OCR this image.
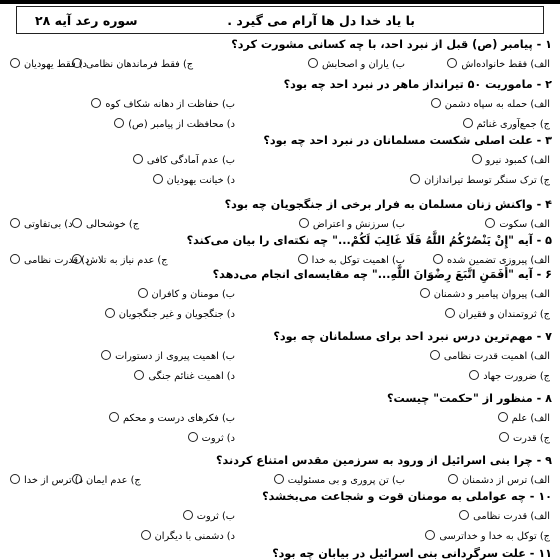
با یاد خدا دل ها آرام می گیرد .
سوره رعد آیه ۲۸
۱ - پیامبر (ص) قبل از نبرد احد، با چه کسانی مشورت کرد؟
الف) فقط خانواده‌اش
ب) یاران و اصحابش
ج) فقط فرماندهان نظامی
د) فقط یهودیان
۲ - ماموریت ۵۰ تیرانداز ماهر در نبرد احد چه بود؟
الف) حمله به سپاه دشمن
ب) حفاظت از دهانه شکاف کوه
ج) جمع‌آوری غنائم
د) محافظت از پیامبر (ص)
۳ - علت اصلی شکست مسلمانان در نبرد احد چه بود؟
الف) کمبود نیرو
ب) عدم آمادگی کافی
ج) ترک سنگر توسط تیراندازان
د) خیانت یهودیان
۴ - واکنش زنان مسلمان به فرار برخی از جنگجویان چه بود؟
الف) سکوت
ب) سرزنش و اعتراض
ج) خوشحالی
د) بی‌تفاوتی
۵ - آیه "إِنْ يَنْصُرْكُمُ اللَّهُ فَلَا غَالِبَ لَكُمْ..." چه نکته‌ای را بیان می‌کند؟
الف) پیروزی تضمین شده
ب) اهمیت توکل به خدا
ج) عدم نیاز به تلاش
د) قدرت نظامی
۶ - آیه "أَفَمَنِ اتَّبَعَ رِضْوَانَ اللَّهِ..." چه مقایسه‌ای انجام می‌دهد؟
الف) پیروان پیامبر و دشمنان
ب) مومنان و کافران
ج) ثروتمندان و فقیران
د) جنگجویان و غیر جنگجویان
۷ - مهم‌ترین درس نبرد احد برای مسلمانان چه بود؟
الف) اهمیت قدرت نظامی
ب) اهمیت پیروی از دستورات
ج) ضرورت جهاد
د) اهمیت غنائم جنگی
۸ - منظور از "حکمت" چیست؟
الف) علم
ب) فکرهای درست و محکم
ج) قدرت
د) ثروت
۹ - چرا بنی اسرائیل از ورود به سرزمین مقدس امتناع کردند؟
الف) ترس از دشمنان
ب) تن پروری و بی مسئولیت
ج) عدم ایمان
د) ترس از خدا
۱۰ - چه عواملی به مومنان قوت و شجاعت می‌بخشد؟
الف) قدرت نظامی
ب) ثروت
ج) توکل به خدا و خداترسی
د) دشمنی با دیگران
۱۱ - علت سرگردانی بنی اسرائیل در بیابان چه بود؟
